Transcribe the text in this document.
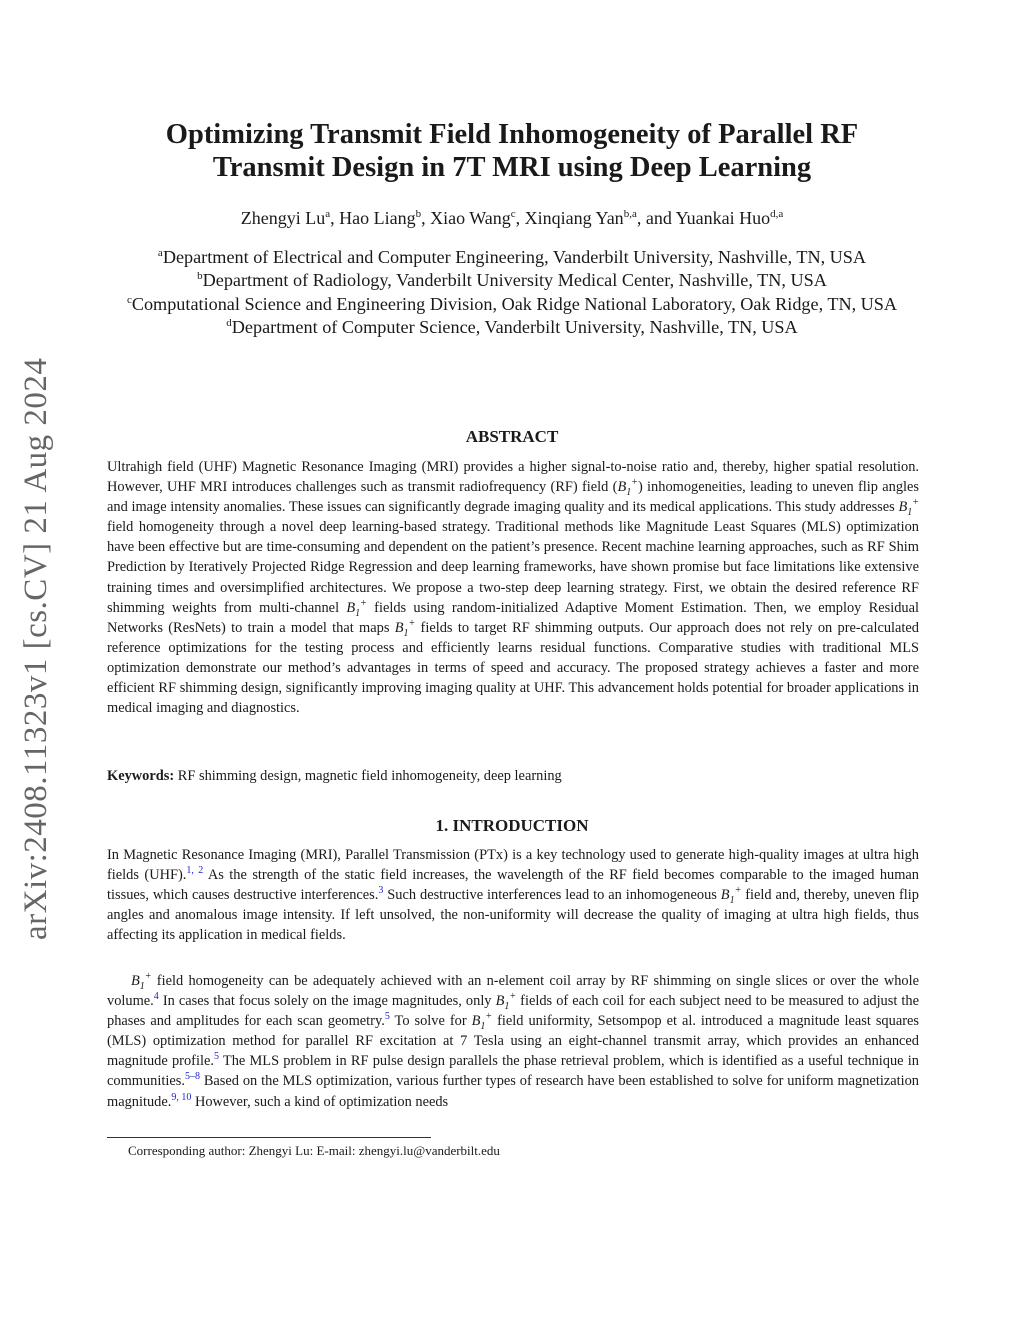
arXiv:2408.11323v1 [cs.CV] 21 Aug 2024
Optimizing Transmit Field Inhomogeneity of Parallel RF
Transmit Design in 7T MRI using Deep Learning
Zhengyi Lu$^a$, Hao Liang$^b$, Xiao Wang$^c$, Xinqiang Yan$^{b,a}$, and Yuankai Huo$^{d,a}$
$^a$Department of Electrical and Computer Engineering, Vanderbilt University, Nashville, TN, USA
$^b$Department of Radiology, Vanderbilt University Medical Center, Nashville, TN, USA
$^c$Computational Science and Engineering Division, Oak Ridge National Laboratory, Oak Ridge, TN, USA
$^d$Department of Computer Science, Vanderbilt University, Nashville, TN, USA
ABSTRACT

Ultrahigh field (UHF) Magnetic Resonance Imaging (MRI) provides a higher signal-to-noise ratio and, thereby, higher spatial resolution. However, UHF MRI introduces challenges such as transmit radiofrequency (RF) field $(B_1^+)$ inhomogeneities, leading to uneven flip angles and image intensity anomalies. These issues can significantly degrade imaging quality and its medical applications. This study addresses $B_1^+$ field homogeneity through a novel deep learning-based strategy. Traditional methods like Magnitude Least Squares (MLS) optimization have been effective but are time-consuming and dependent on the patient’s presence. Recent machine learning approaches, such as RF Shim Prediction by Iteratively Projected Ridge Regression and deep learning frameworks, have shown promise but face limitations like extensive training times and oversimplified architectures. We propose a two-step deep learning strategy. First, we obtain the desired reference RF shimming weights from multi-channel $B_1^+$ fields using random-initialized Adaptive Moment Estimation. Then, we employ Residual Networks (ResNets) to train a model that maps $B_1^+$ fields to target RF shimming outputs. Our approach does not rely on pre-calculated reference optimizations for the testing process and efficiently learns residual functions. Comparative studies with traditional MLS optimization demonstrate our method’s advantages in terms of speed and accuracy. The proposed strategy achieves a faster and more efficient RF shimming design, significantly improving imaging quality at UHF. This advancement holds potential for broader applications in medical imaging and diagnostics.

Keywords: RF shimming design, magnetic field inhomogeneity, deep learning

1. INTRODUCTION

In Magnetic Resonance Imaging (MRI), Parallel Transmission (PTx) is a key technology used to generate high-quality images at ultra high fields (UHF).$^{1, 2}$ As the strength of the static field increases, the wavelength of the RF field becomes comparable to the imaged human tissues, which causes destructive interferences.$^3$ Such destructive interferences lead to an inhomogeneous $B_1^+$ field and, thereby, uneven flip angles and anomalous image intensity. If left unsolved, the non-uniformity will decrease the quality of imaging at ultra high fields, thus affecting its application in medical fields.

$B_1^+$ field homogeneity can be adequately achieved with an n-element coil array by RF shimming on single slices or over the whole volume.$^4$ In cases that focus solely on the image magnitudes, only $B_1^+$ fields of each coil for each subject need to be measured to adjust the phases and amplitudes for each scan geometry.$^5$ To solve for $B_1^+$ field uniformity, Setsompop et al. introduced a magnitude least squares (MLS) optimization method for parallel RF excitation at 7 Tesla using an eight-channel transmit array, which provides an enhanced magnitude profile.$^5$ The MLS problem in RF pulse design parallels the phase retrieval problem, which is identified as a useful technique in communities.$^{5-8}$ Based on the MLS optimization, various further types of research have been established to solve for uniform magnetization magnitude.$^{9, 10}$ However, such a kind of optimization needs

Corresponding author: Zhengyi Lu: E-mail: zhengyi.lu@vanderbilt.edu
